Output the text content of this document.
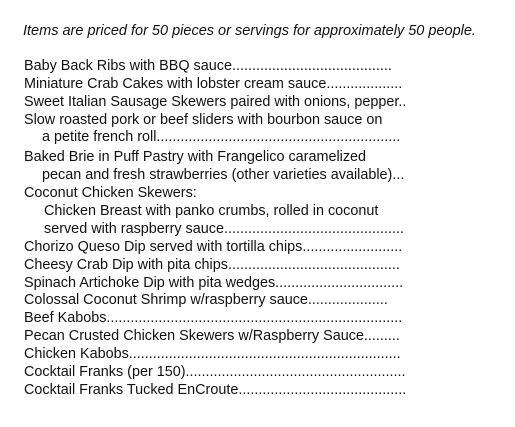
Items are priced for 50 pieces or servings for approximately 50 people.
Baby Back Ribs with BBQ sauce........................................
Miniature Crab Cakes with lobster cream sauce...................
Sweet Italian Sausage Skewers paired with onions, pepper..
Slow roasted pork or beef sliders with bourbon sauce on
a petite french roll.............................................................
Baked Brie in Puff Pastry with Frangelico caramelized
pecan and fresh strawberries (other varieties available)...
Coconut Chicken Skewers:
Chicken Breast with panko crumbs, rolled in coconut
served with raspberry sauce.............................................
Chorizo Queso Dip served with tortilla chips.........................
Cheesy Crab Dip with pita chips...........................................
Spinach Artichoke Dip with pita wedges................................
Colossal Coconut Shrimp w/raspberry sauce....................
Beef Kabobs..........................................................................
Pecan Crusted Chicken Skewers w/Raspberry Sauce.........
Chicken Kabobs....................................................................
Cocktail Franks (per 150).......................................................
Cocktail Franks Tucked EnCroute..........................................
